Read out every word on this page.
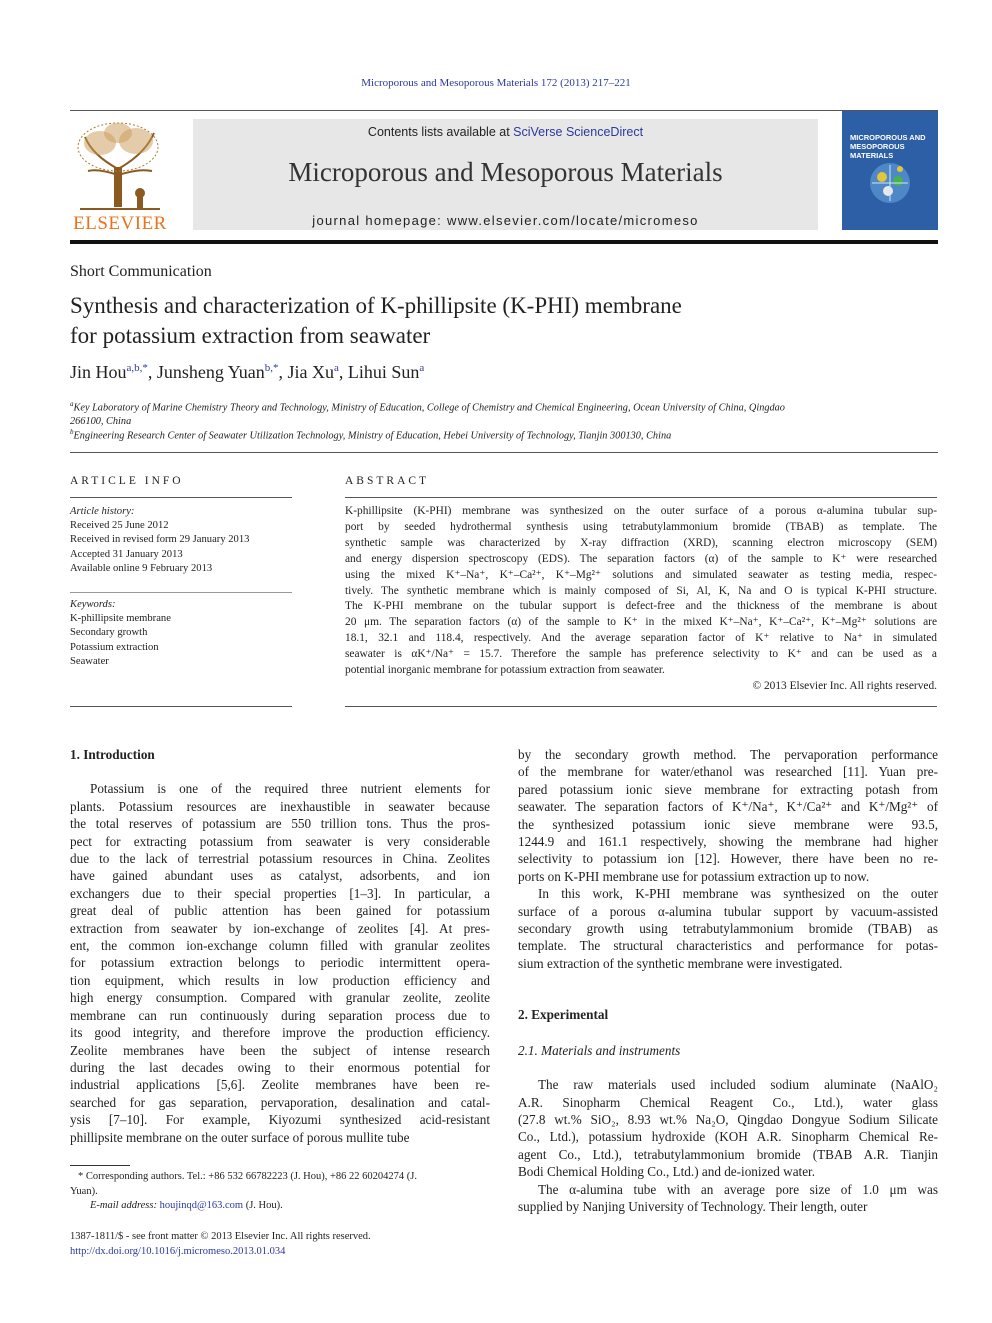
Microporous and Mesoporous Materials 172 (2013) 217–221
ELSEVIER
Contents lists available at SciVerse ScienceDirect
Microporous and Mesoporous Materials
journal homepage: www.elsevier.com/locate/micromeso
MICROPOROUS AND
MESOPOROUS
MATERIALS
Short Communication
Synthesis and characterization of K-phillipsite (K-PHI) membrane
for potassium extraction from seawater
Jin Hou$^{a,b,*}$, Junsheng Yuan$^{b,*}$, Jia Xu$^a$, Lihui Sun$^a$
$^a$Key Laboratory of Marine Chemistry Theory and Technology, Ministry of Education, College of Chemistry and Chemical Engineering, Ocean University of China, Qingdao
266100, China
$^b$Engineering Research Center of Seawater Utilization Technology, Ministry of Education, Hebei University of Technology, Tianjin 300130, China
ARTICLE INFO
Article history:
Received 25 June 2012
Received in revised form 29 January 2013
Accepted 31 January 2013
Available online 9 February 2013
Keywords:
K-phillipsite membrane
Secondary growth
Potassium extraction
Seawater
ABSTRACT
K-phillipsite (K-PHI) membrane was synthesized on the outer surface of a porous α-alumina tubular sup-
port by seeded hydrothermal synthesis using tetrabutylammonium bromide (TBAB) as template. The
synthetic sample was characterized by X-ray diffraction (XRD), scanning electron microscopy (SEM)
and energy dispersion spectroscopy (EDS). The separation factors (α) of the sample to K⁺ were researched
using the mixed K⁺–Na⁺, K⁺–Ca²⁺, K⁺–Mg²⁺ solutions and simulated seawater as testing media, respec-
tively. The synthetic membrane which is mainly composed of Si, Al, K, Na and O is typical K-PHI structure.
The K-PHI membrane on the tubular support is defect-free and the thickness of the membrane is about
20 μm. The separation factors (α) of the sample to K⁺ in the mixed K⁺–Na⁺, K⁺–Ca²⁺, K⁺–Mg²⁺ solutions are
18.1, 32.1 and 118.4, respectively. And the average separation factor of K⁺ relative to Na⁺ in simulated
seawater is αK⁺/Na⁺ = 15.7. Therefore the sample has preference selectivity to K⁺ and can be used as a
potential inorganic membrane for potassium extraction from seawater.
© 2013 Elsevier Inc. All rights reserved.
1. Introduction
Potassium is one of the required three nutrient elements for
plants. Potassium resources are inexhaustible in seawater because
the total reserves of potassium are 550 trillion tons. Thus the pros-
pect for extracting potassium from seawater is very considerable
due to the lack of terrestrial potassium resources in China. Zeolites
have gained abundant uses as catalyst, adsorbents, and ion
exchangers due to their special properties [1–3]. In particular, a
great deal of public attention has been gained for potassium
extraction from seawater by ion-exchange of zeolites [4]. At pres-
ent, the common ion-exchange column filled with granular zeolites
for potassium extraction belongs to periodic intermittent opera-
tion equipment, which results in low production efficiency and
high energy consumption. Compared with granular zeolite, zeolite
membrane can run continuously during separation process due to
its good integrity, and therefore improve the production efficiency.
Zeolite membranes have been the subject of intense research
during the last decades owing to their enormous potential for
industrial applications [5,6]. Zeolite membranes have been re-
searched for gas separation, pervaporation, desalination and catal-
ysis [7–10]. For example, Kiyozumi synthesized acid-resistant
phillipsite membrane on the outer surface of porous mullite tube
by the secondary growth method. The pervaporation performance
of the membrane for water/ethanol was researched [11]. Yuan pre-
pared potassium ionic sieve membrane for extracting potash from
seawater. The separation factors of K⁺/Na⁺, K⁺/Ca²⁺ and K⁺/Mg²⁺ of
the synthesized potassium ionic sieve membrane were 93.5,
1244.9 and 161.1 respectively, showing the membrane had higher
selectivity to potassium ion [12]. However, there have been no re-
ports on K-PHI membrane use for potassium extraction up to now.
In this work, K-PHI membrane was synthesized on the outer
surface of a porous α-alumina tubular support by vacuum-assisted
secondary growth using tetrabutylammonium bromide (TBAB) as
template. The structural characteristics and performance for potas-
sium extraction of the synthetic membrane were investigated.
2. Experimental
2.1. Materials and instruments
The raw materials used included sodium aluminate (NaAlO₂
A.R. Sinopharm Chemical Reagent Co., Ltd.), water glass
(27.8 wt.% SiO₂, 8.93 wt.% Na₂O, Qingdao Dongyue Sodium Silicate
Co., Ltd.), potassium hydroxide (KOH A.R. Sinopharm Chemical Re-
agent Co., Ltd.), tetrabutylammonium bromide (TBAB A.R. Tianjin
Bodi Chemical Holding Co., Ltd.) and de-ionized water.
The α-alumina tube with an average pore size of 1.0 μm was
supplied by Nanjing University of Technology. Their length, outer
* Corresponding authors. Tel.: +86 532 66782223 (J. Hou), +86 22 60204274 (J.
Yuan).
E-mail address: houjinqd@163.com (J. Hou).
1387-1811/$ - see front matter © 2013 Elsevier Inc. All rights reserved.
http://dx.doi.org/10.1016/j.micromeso.2013.01.034
